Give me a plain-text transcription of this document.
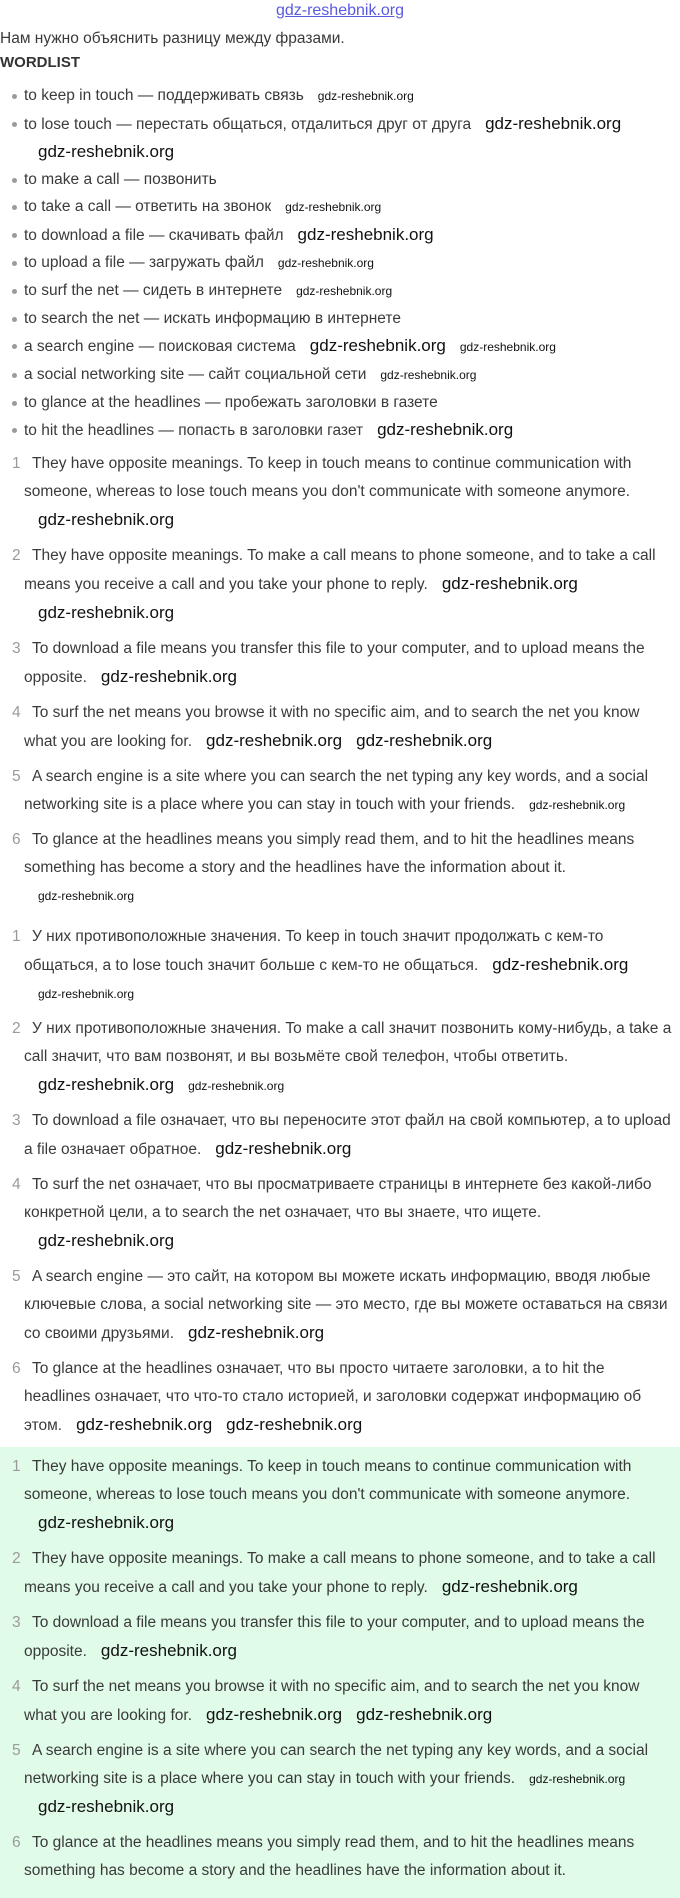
gdz-reshebnik.org
Нам нужно объяснить разницу между фразами.
WORDLIST
to keep in touch — поддерживать связь gdz-reshebnik.org
to lose touch — перестать общаться, отдалиться друг от друга gdz-reshebnik.orggdz-reshebnik.org
to make a call — позвонить
to take a call — ответить на звонок gdz-reshebnik.org
to download a file — скачивать файл gdz-reshebnik.org
to upload a file — загружать файл gdz-reshebnik.org
to surf the net — сидеть в интернете gdz-reshebnik.org
to search the net — искать информацию в интернете
a search engine — поисковая система gdz-reshebnik.org gdz-reshebnik.org
a social networking site — сайт социальной сети gdz-reshebnik.org
to glance at the headlines — пробежать заголовки в газете
to hit the headlines — попасть в заголовки газет gdz-reshebnik.org

1 They have opposite meanings. To keep in touch means to continue communication with someone, whereas to lose touch means you don't communicate with someone anymore.gdz-reshebnik.org

2 They have opposite meanings. To make a call means to phone someone, and to take a call means you receive a call and you take your phone to reply. gdz-reshebnik.orggdz-reshebnik.org

3 To download a file means you transfer this file to your computer, and to upload means the opposite. gdz-reshebnik.org

4 To surf the net means you browse it with no specific aim, and to search the net you know what you are looking for. gdz-reshebnik.org gdz-reshebnik.org

5 A search engine is a site where you can search the net typing any key words, and a social networking site is a place where you can stay in touch with your friends. gdz-reshebnik.org

6 To glance at the headlines means you simply read them, and to hit the headlines means something has become a story and the headlines have the information about it.gdz-reshebnik.org

1 У них противоположные значения. To keep in touch значит продолжать с кем-то общаться, а to lose touch значит больше с кем-то не общаться. gdz-reshebnik.orggdz-reshebnik.org

2 У них противоположные значения. To make a call значит позвонить кому-нибудь, а take a call значит, что вам позвонят, и вы возьмёте свой телефон, чтобы ответить.gdz-reshebnik.org gdz-reshebnik.org

3 To download a file означает, что вы переносите этот файл на свой компьютер, а to upload a file означает обратное. gdz-reshebnik.org

4 To surf the net означает, что вы просматриваете страницы в интернете без какой-либо конкретной цели, а to search the net означает, что вы знаете, что ищете.gdz-reshebnik.org

5 A search engine — это сайт, на котором вы можете искать информацию, вводя любые ключевые слова, а social networking site — это место, где вы можете оставаться на связи со своими друзьями. gdz-reshebnik.org

6 To glance at the headlines означает, что вы просто читаете заголовки, а to hit the headlines означает, что что-то стало историей, и заголовки содержат информацию об этом. gdz-reshebnik.org gdz-reshebnik.org

1 They have opposite meanings. To keep in touch means to continue communication with someone, whereas to lose touch means you don't communicate with someone anymore.gdz-reshebnik.org

2 They have opposite meanings. To make a call means to phone someone, and to take a call means you receive a call and you take your phone to reply. gdz-reshebnik.org

3 To download a file means you transfer this file to your computer, and to upload means the opposite. gdz-reshebnik.org

4 To surf the net means you browse it with no specific aim, and to search the net you know what you are looking for. gdz-reshebnik.org gdz-reshebnik.org

5 A search engine is a site where you can search the net typing any key words, and a social networking site is a place where you can stay in touch with your friends. gdz-reshebnik.orggdz-reshebnik.org

6 To glance at the headlines means you simply read them, and to hit the headlines means something has become a story and the headlines have the information about it.
